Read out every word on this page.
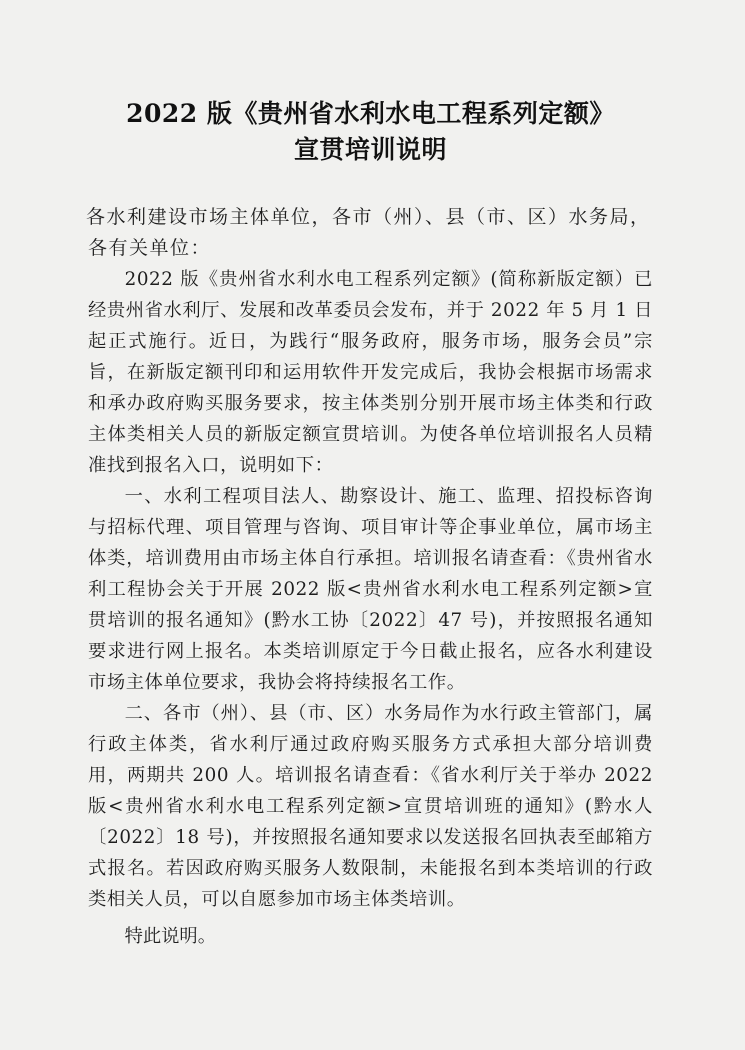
2022 版《贵州省水利水电工程系列定额》
宣贯培训说明

各水利建设市场主体单位，各市（州）、县（市、区）水务局，

各有关单位：

2022 版《贵州省水利水电工程系列定额》(简称新版定额）已经贵州省水利厅、发展和改革委员会发布，并于 2022 年 5 月 1 日起正式施行。近日，为践行“服务政府，服务市场，服务会员”宗旨，在新版定额刊印和运用软件开发完成后，我协会根据市场需求和承办政府购买服务要求，按主体类别分别开展市场主体类和行政主体类相关人员的新版定额宣贯培训。为使各单位培训报名人员精准找到报名入口，说明如下：

一、水利工程项目法人、勘察设计、施工、监理、招投标咨询与招标代理、项目管理与咨询、项目审计等企事业单位，属市场主体类，培训费用由市场主体自行承担。培训报名请查看：《贵州省水利工程协会关于开展 2022 版<贵州省水利水电工程系列定额>宣贯培训的报名通知》(黔水工协〔2022〕47 号)，并按照报名通知要求进行网上报名。本类培训原定于今日截止报名，应各水利建设市场主体单位要求，我协会将持续报名工作。

二、各市（州）、县（市、区）水务局作为水行政主管部门，属行政主体类，省水利厅通过政府购买服务方式承担大部分培训费用，两期共 200 人。培训报名请查看：《省水利厅关于举办 2022 版<贵州省水利水电工程系列定额>宣贯培训班的通知》(黔水人〔2022〕18 号)，并按照报名通知要求以发送报名回执表至邮箱方式报名。若因政府购买服务人数限制，未能报名到本类培训的行政类相关人员，可以自愿参加市场主体类培训。

特此说明。
